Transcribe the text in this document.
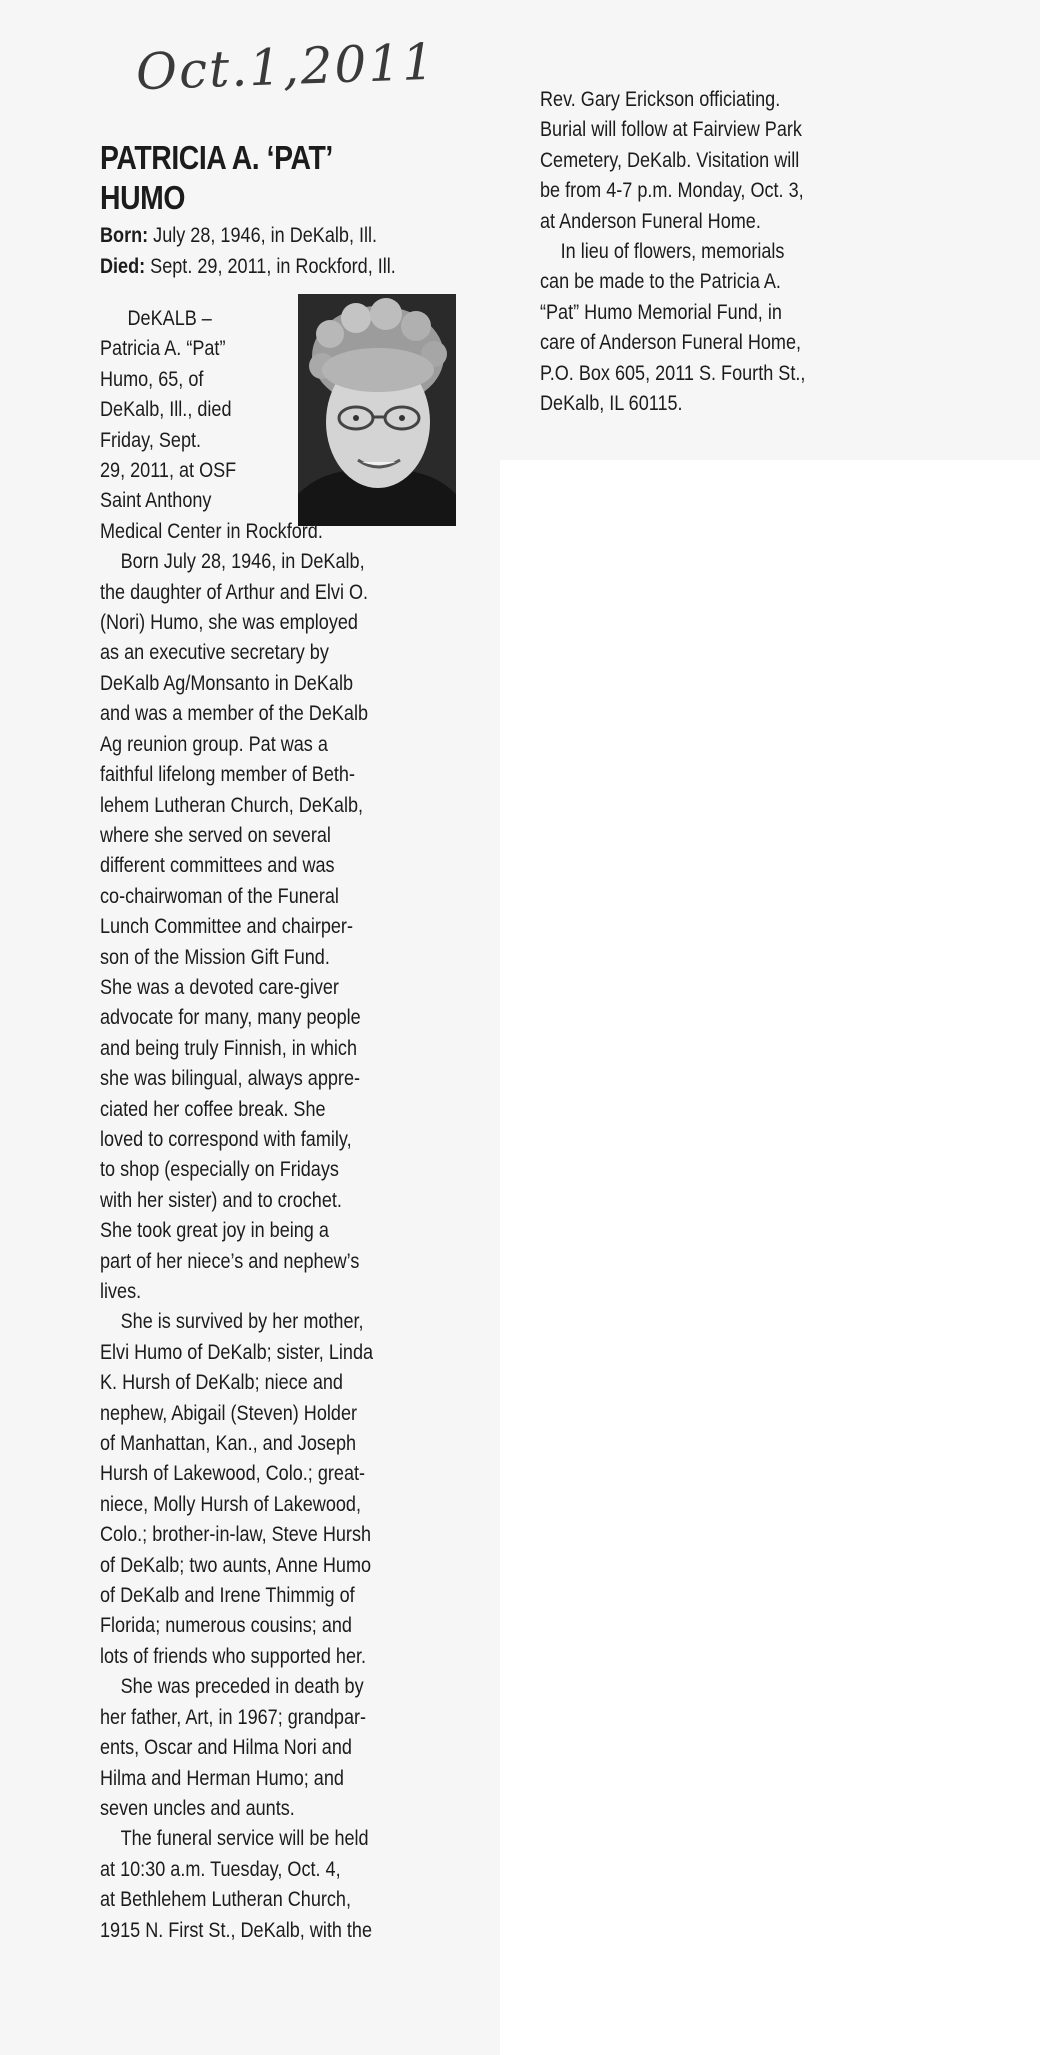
Oct.1,2011
PATRICIA A. ‘PAT’
HUMO

Born: July 28, 1946, in DeKalb, Ill.

Died: Sept. 29, 2011, in Rockford, Ill.

DeKALB –
Patricia A. “Pat”
Humo, 65, of
DeKalb, Ill., died
Friday, Sept.
29, 2011, at OSF
Saint Anthony
Medical Center in Rockford.
Born July 28, 1946, in DeKalb,
the daughter of Arthur and Elvi O.
(Nori) Humo, she was employed
as an executive secretary by
DeKalb Ag/Monsanto in DeKalb
and was a member of the DeKalb
Ag reunion group. Pat was a
faithful lifelong member of Beth-
lehem Lutheran Church, DeKalb,
where she served on several
different committees and was
co-chairwoman of the Funeral
Lunch Committee and chairper-
son of the Mission Gift Fund.
She was a devoted care-giver
advocate for many, many people
and being truly Finnish, in which
she was bilingual, always appre-
ciated her coffee break. She
loved to correspond with family,
to shop (especially on Fridays
with her sister) and to crochet.
She took great joy in being a
part of her niece’s and nephew’s
lives.
She is survived by her mother,
Elvi Humo of DeKalb; sister, Linda
K. Hursh of DeKalb; niece and
nephew, Abigail (Steven) Holder
of Manhattan, Kan., and Joseph
Hursh of Lakewood, Colo.; great-
niece, Molly Hursh of Lakewood,
Colo.; brother-in-law, Steve Hursh
of DeKalb; two aunts, Anne Humo
of DeKalb and Irene Thimmig of
Florida; numerous cousins; and
lots of friends who supported her.
She was preceded in death by
her father, Art, in 1967; grandpar-
ents, Oscar and Hilma Nori and
Hilma and Herman Humo; and
seven uncles and aunts.
The funeral service will be held
at 10:30 a.m. Tuesday, Oct. 4,
at Bethlehem Lutheran Church,
1915 N. First St., DeKalb, with the
Rev. Gary Erickson officiating.
Burial will follow at Fairview Park
Cemetery, DeKalb. Visitation will
be from 4-7 p.m. Monday, Oct. 3,
at Anderson Funeral Home.
In lieu of flowers, memorials
can be made to the Patricia A.
“Pat” Humo Memorial Fund, in
care of Anderson Funeral Home,
P.O. Box 605, 2011 S. Fourth St.,
DeKalb, IL 60115.
